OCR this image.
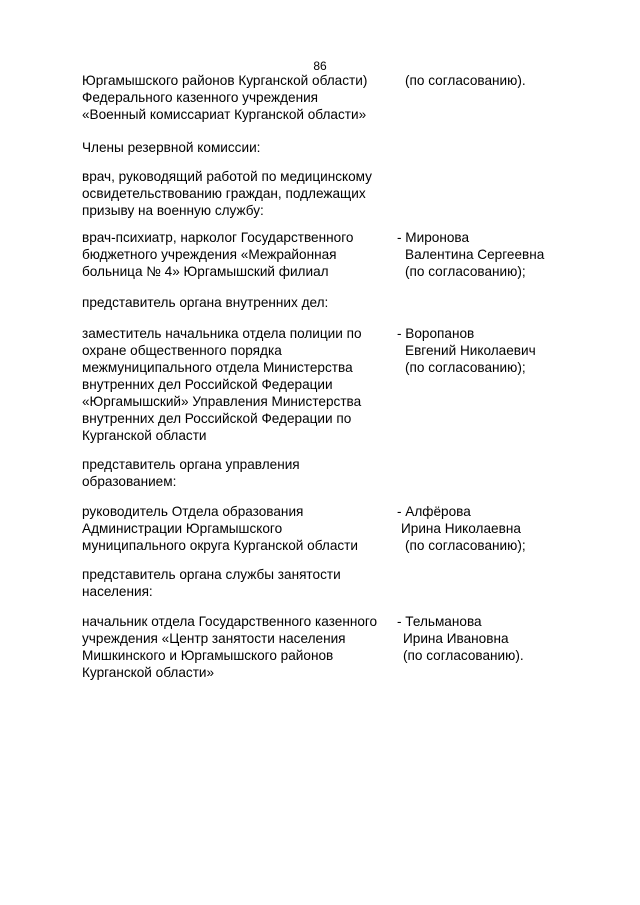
86
Юргамышского районов Курганской области)
Федерального казенного учреждения
«Военный комиссариат Курганской области»
(по согласованию).
Члены резервной комиссии:
врач, руководящий работой по медицинскому
освидетельствованию граждан, подлежащих
призыву на военную службу:
врач-психиатр, нарколог Государственного
бюджетного учреждения «Межрайонная
больница № 4» Юргамышский филиал
- Миронова
Валентина Сергеевна
(по согласованию);
представитель органа внутренних дел:
заместитель начальника отдела полиции по
охране общественного порядка
межмуниципального отдела Министерства
внутренних дел Российской Федерации
«Юргамышский» Управления Министерства
внутренних дел Российской Федерации по
Курганской области
- Воропанов
Евгений Николаевич
(по согласованию);
представитель органа управления
образованием:
руководитель Отдела образования
Администрации Юргамышского
муниципального округа Курганской области
- Алфёрова
Ирина Николаевна
(по согласованию);
представитель органа службы занятости
населения:
начальник отдела Государственного казенного
учреждения «Центр занятости населения
Мишкинского и Юргамышского районов
Курганской области»
- Тельманова
Ирина Ивановна
(по согласованию).
